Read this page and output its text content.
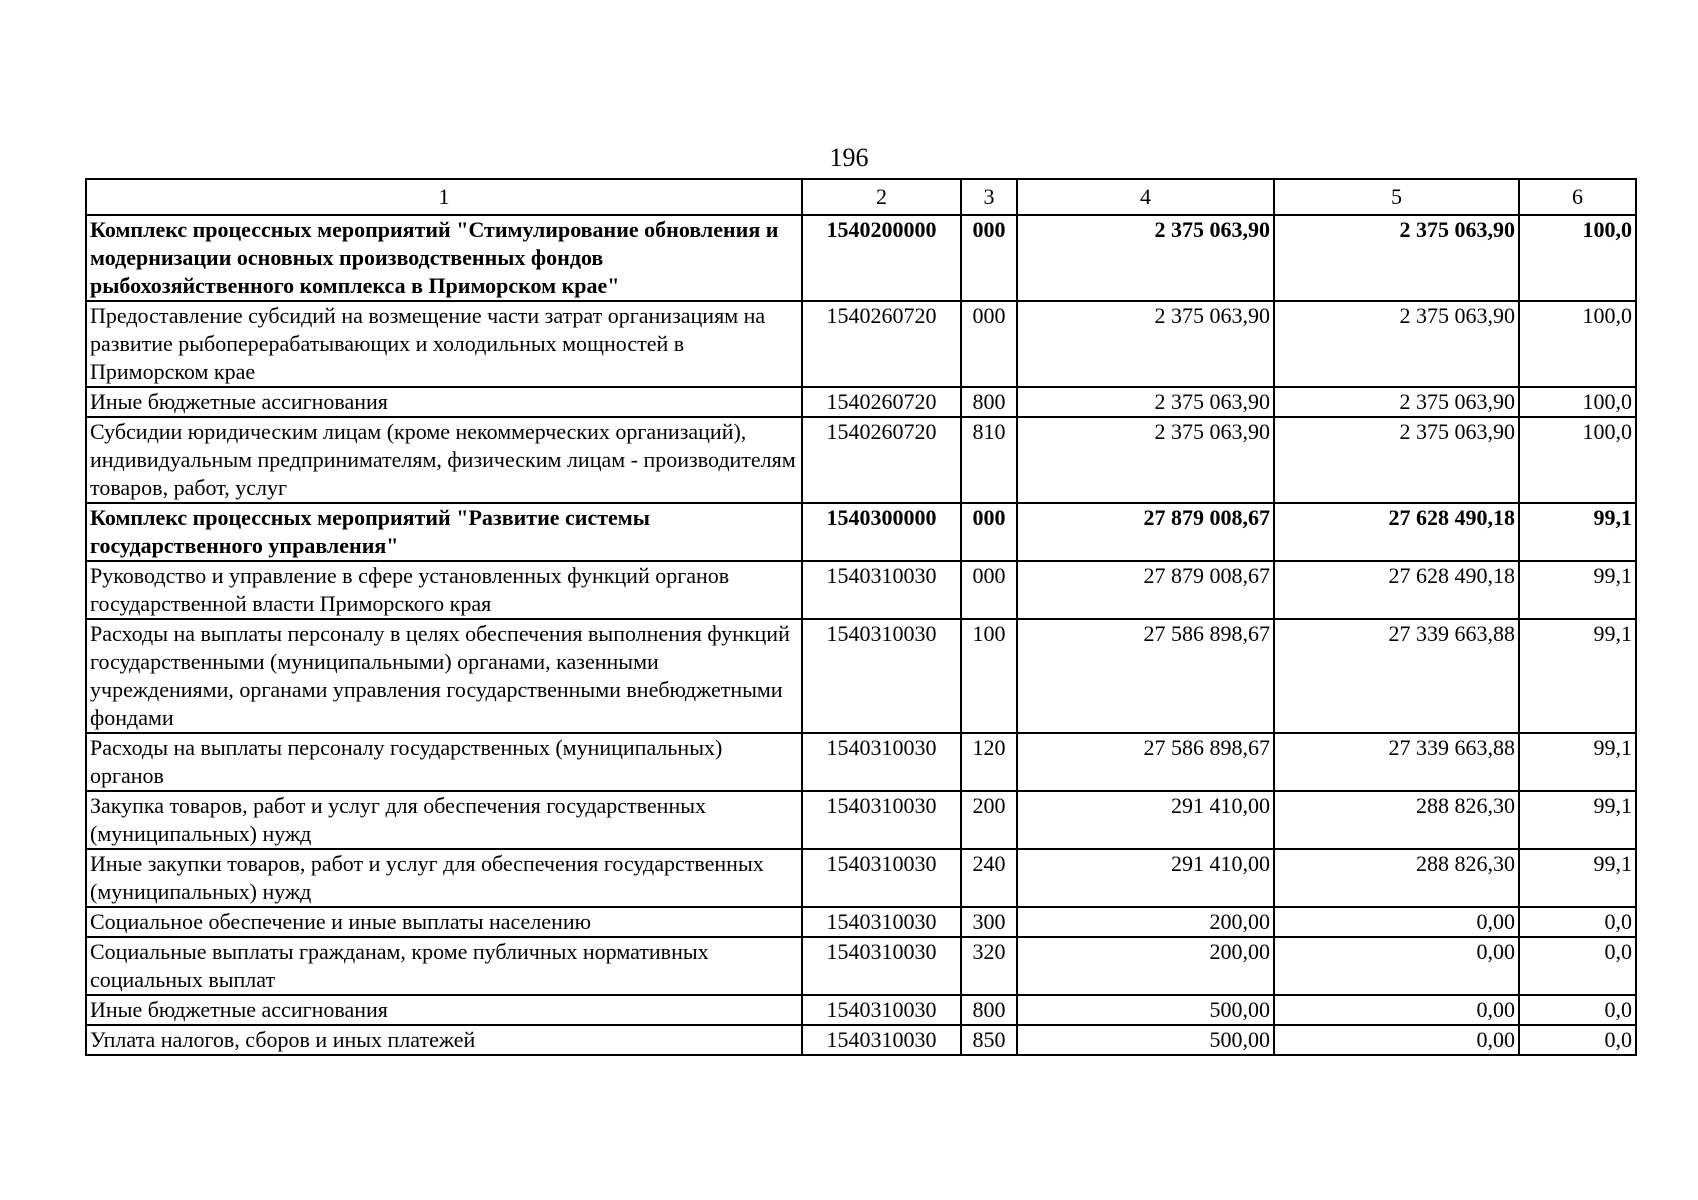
196
1	2	3	4	5	6
Комплекс процессных мероприятий "Стимулирование обновления и модернизации основных производственных фондов рыбохозяйственного комплекса в Приморском крае"	1540200000	000	2 375 063,90	2 375 063,90	100,0
Предоставление субсидий на возмещение части затрат организациям на развитие рыбоперерабатывающих и холодильных мощностей в Приморском крае	1540260720	000	2 375 063,90	2 375 063,90	100,0
Иные бюджетные ассигнования	1540260720	800	2 375 063,90	2 375 063,90	100,0
Субсидии юридическим лицам (кроме некоммерческих организаций), индивидуальным предпринимателям, физическим лицам - производителям товаров, работ, услуг	1540260720	810	2 375 063,90	2 375 063,90	100,0
Комплекс процессных мероприятий "Развитие системы государственного управления"	1540300000	000	27 879 008,67	27 628 490,18	99,1
Руководство и управление в сфере установленных функций органов государственной власти Приморского края	1540310030	000	27 879 008,67	27 628 490,18	99,1
Расходы на выплаты персоналу в целях обеспечения выполнения функций государственными (муниципальными) органами, казенными учреждениями, органами управления государственными внебюджетными фондами	1540310030	100	27 586 898,67	27 339 663,88	99,1
Расходы на выплаты персоналу государственных (муниципальных) органов	1540310030	120	27 586 898,67	27 339 663,88	99,1
Закупка товаров, работ и услуг для обеспечения государственных (муниципальных) нужд	1540310030	200	291 410,00	288 826,30	99,1
Иные закупки товаров, работ и услуг для обеспечения государственных (муниципальных) нужд	1540310030	240	291 410,00	288 826,30	99,1
Социальное обеспечение и иные выплаты населению	1540310030	300	200,00	0,00	0,0
Социальные выплаты гражданам, кроме публичных нормативных социальных выплат	1540310030	320	200,00	0,00	0,0
Иные бюджетные ассигнования	1540310030	800	500,00	0,00	0,0
Уплата налогов, сборов и иных платежей	1540310030	850	500,00	0,00	0,0
